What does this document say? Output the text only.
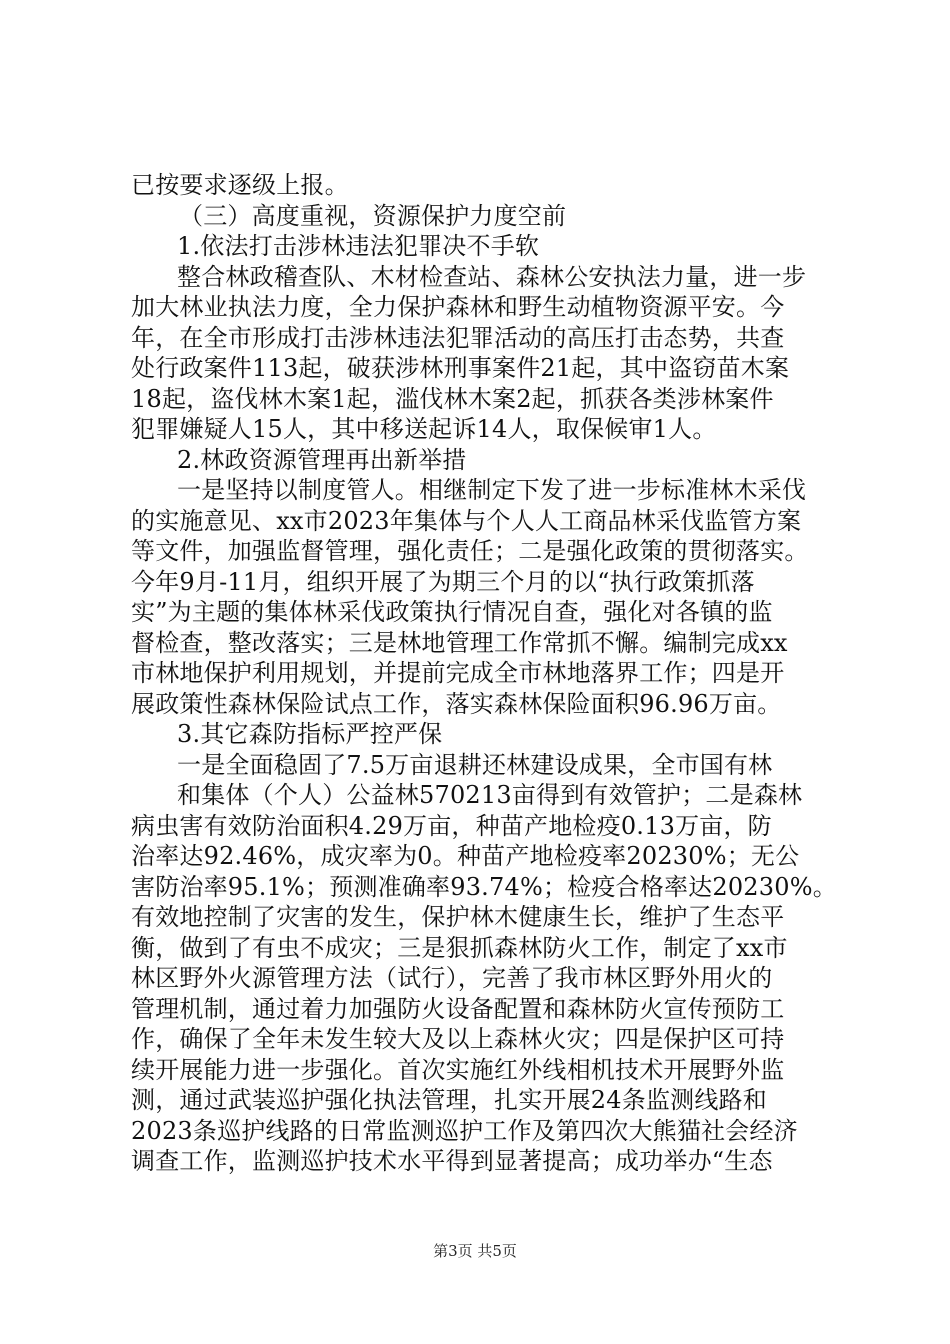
已按要求逐级上报。
（三）高度重视，资源保护力度空前
1.依法打击涉林违法犯罪决不手软
整合林政稽查队、木材检查站、森林公安执法力量，进一步
加大林业执法力度，全力保护森林和野生动植物资源平安。今
年，在全市形成打击涉林违法犯罪活动的高压打击态势，共查
处行政案件113起，破获涉林刑事案件21起，其中盗窃苗木案
18起，盗伐林木案1起，滥伐林木案2起，抓获各类涉林案件
犯罪嫌疑人15人，其中移送起诉14人，取保候审1人。
2.林政资源管理再出新举措
一是坚持以制度管人。相继制定下发了进一步标准林木采伐
的实施意见、xx市2023年集体与个人人工商品林采伐监管方案
等文件，加强监督管理，强化责任；二是强化政策的贯彻落实。
今年9月-11月，组织开展了为期三个月的以“执行政策抓落
实”为主题的集体林采伐政策执行情况自查，强化对各镇的监
督检查，整改落实；三是林地管理工作常抓不懈。编制完成xx
市林地保护利用规划，并提前完成全市林地落界工作；四是开
展政策性森林保险试点工作，落实森林保险面积96.96万亩。
3.其它森防指标严控严保
一是全面稳固了7.5万亩退耕还林建设成果，全市国有林
和集体（个人）公益林570213亩得到有效管护；二是森林
病虫害有效防治面积4.29万亩，种苗产地检疫0.13万亩，防
治率达92.46%，成灾率为0。种苗产地检疫率20230%；无公
害防治率95.1%；预测准确率93.74%；检疫合格率达20230%。
有效地控制了灾害的发生，保护林木健康生长，维护了生态平
衡，做到了有虫不成灾；三是狠抓森林防火工作，制定了xx市
林区野外火源管理方法（试行），完善了我市林区野外用火的
管理机制，通过着力加强防火设备配置和森林防火宣传预防工
作，确保了全年未发生较大及以上森林火灾；四是保护区可持
续开展能力进一步强化。首次实施红外线相机技术开展野外监
测，通过武装巡护强化执法管理，扎实开展24条监测线路和
2023条巡护线路的日常监测巡护工作及第四次大熊猫社会经济
调查工作，监测巡护技术水平得到显著提高；成功举办“生态
第3页 共5页
